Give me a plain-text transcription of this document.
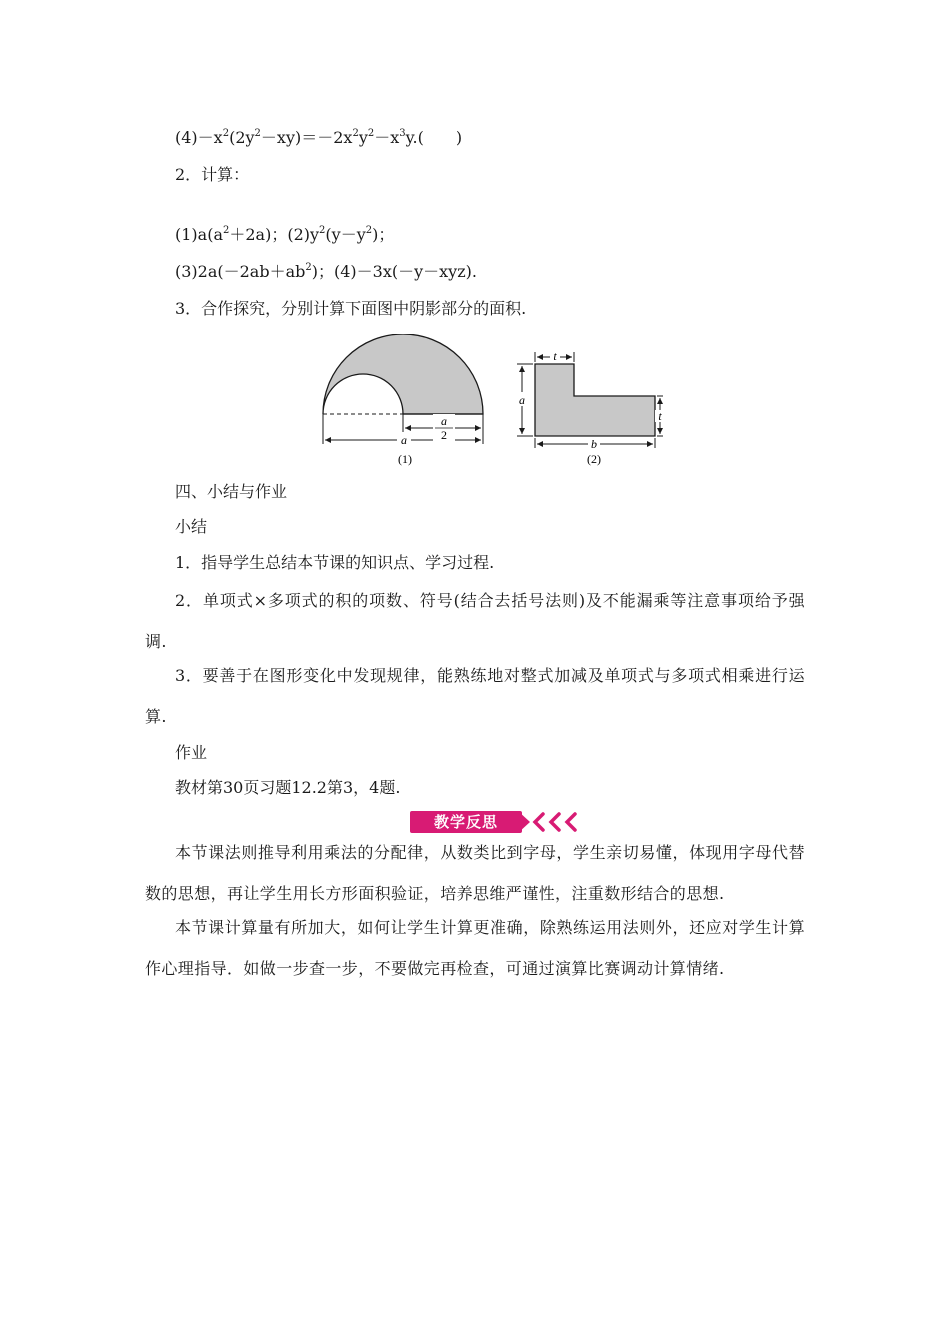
$(4)-x^2(2y^2-xy)=-2x^2y^2-x^3y$.(　　)
2．计算：
$(1)a(a^2+2a)$；$(2)y^2(y-y^2)$；
$(3)2a(-2ab+ab^2)$；(4)－3x(－y－xyz).
3．合作探究，分别计算下面图中阴影部分的面积.
a
2
a
(1)
t
a
t
b
(2)
四、小结与作业
小结
1．指导学生总结本节课的知识点、学习过程.
2．单项式×多项式的积的项数、符号(结合去括号法则)及不能漏乘等注意事项给予强调.
3．要善于在图形变化中发现规律，能熟练地对整式加减及单项式与多项式相乘进行运算.
作业
教材第30页习题12.2第3，4题.
教学反思
本节课法则推导利用乘法的分配律，从数类比到字母，学生亲切易懂，体现用字母代替数的思想，再让学生用长方形面积验证，培养思维严谨性，注重数形结合的思想.
本节课计算量有所加大，如何让学生计算更准确，除熟练运用法则外，还应对学生计算作心理指导．如做一步查一步，不要做完再检查，可通过演算比赛调动计算情绪.
